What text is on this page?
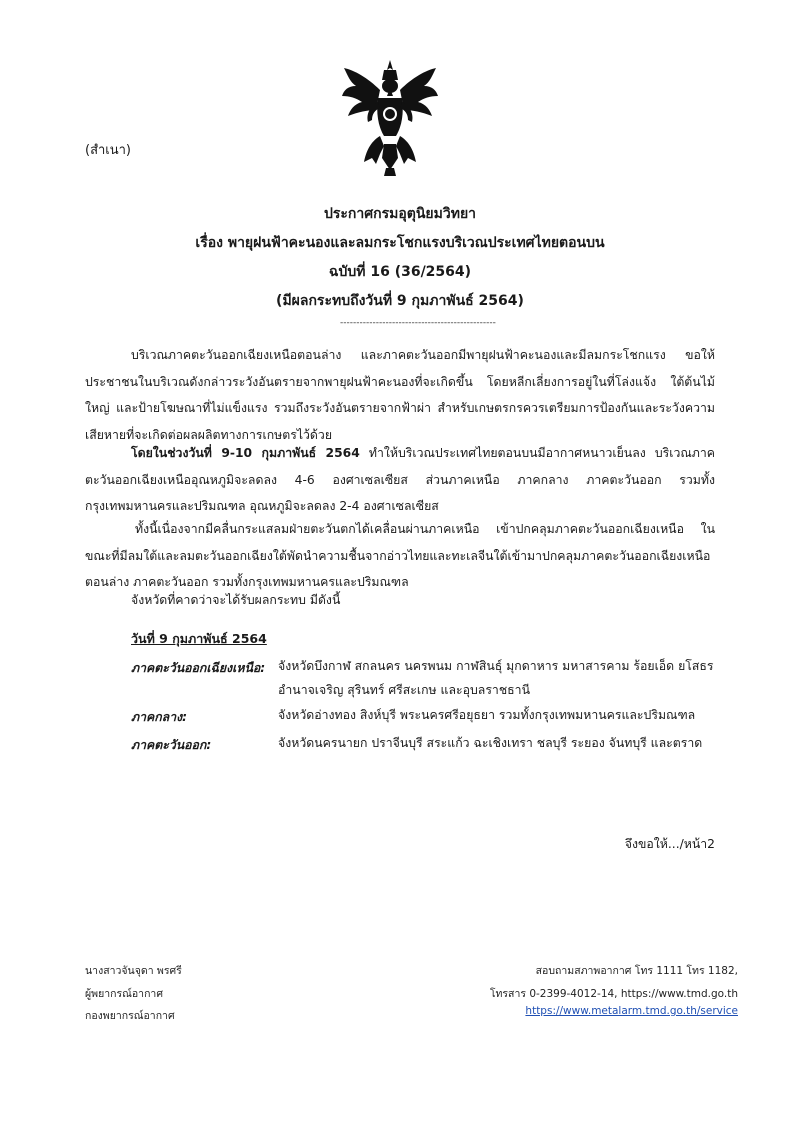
(สำเนา)
ประกาศกรมอุตุนิยมวิทยา
เรื่อง พายุฝนฟ้าคะนองและลมกระโชกแรงบริเวณประเทศไทยตอนบน
ฉบับที่ 16 (36/2564)
(มีผลกระทบถึงวันที่ 9 กุมภาพันธ์ 2564)
------------------------------------------------
บริเวณภาคตะวันออกเฉียงเหนือตอนล่าง และภาคตะวันออกมีพายุฝนฟ้าคะนองและมีลมกระโชกแรง ขอให้ประชาชนในบริเวณดังกล่าวระวังอันตรายจากพายุฝนฟ้าคะนองที่จะเกิดขึ้น โดยหลีกเลี่ยงการอยู่ในที่โล่งแจ้ง ใต้ต้นไม้ใหญ่ และป้ายโฆษณาที่ไม่แข็งแรง รวมถึงระวังอันตรายจากฟ้าผ่า สำหรับเกษตรกรควรเตรียมการป้องกันและระวังความเสียหายที่จะเกิดต่อผลผลิตทางการเกษตรไว้ด้วย
โดยในช่วงวันที่ 9-10 กุมภาพันธ์ 2564 ทำให้บริเวณประเทศไทยตอนบนมีอากาศหนาวเย็นลง บริเวณภาคตะวันออกเฉียงเหนืออุณหภูมิจะลดลง 4-6 องศาเซลเซียส ส่วนภาคเหนือ ภาคกลาง ภาคตะวันออก รวมทั้งกรุงเทพมหานครและปริมณฑล อุณหภูมิจะลดลง 2-4 องศาเซลเซียส
ทั้งนี้เนื่องจากมีคลื่นกระแสลมฝ่ายตะวันตกได้เคลื่อนผ่านภาคเหนือ เข้าปกคลุมภาคตะวันออกเฉียงเหนือ ในขณะที่มีลมใต้และลมตะวันออกเฉียงใต้พัดนำความชื้นจากอ่าวไทยและทะเลจีนใต้เข้ามาปกคลุมภาคตะวันออกเฉียงเหนือตอนล่าง ภาคตะวันออก รวมทั้งกรุงเทพมหานครและปริมณฑล
จังหวัดที่คาดว่าจะได้รับผลกระทบ มีดังนี้
วันที่ 9 กุมภาพันธ์ 2564
ภาคตะวันออกเฉียงเหนือ: จังหวัดบึงกาฬ สกลนคร นครพนม กาฬสินธุ์ มุกดาหาร มหาสารคาม ร้อยเอ็ด ยโสธร อำนาจเจริญ สุรินทร์ ศรีสะเกษ และอุบลราชธานี
ภาคกลาง:	จังหวัดอ่างทอง สิงห์บุรี พระนครศรีอยุธยา รวมทั้งกรุงเทพมหานครและปริมณฑล
ภาคตะวันออก:	จังหวัดนครนายก ปราจีนบุรี สระแก้ว ฉะเชิงเทรา ชลบุรี ระยอง จันทบุรี และตราด
จึงขอให้.../หน้า2
นางสาวจันจุดา พรศรี
ผู้พยากรณ์อากาศ
กองพยากรณ์อากาศ
สอบถามสภาพอากาศ โทร 1111 โทร 1182,
โทรสาร 0-2399-4012-14, https://www.tmd.go.th
https://www.metalarm.tmd.go.th/service
